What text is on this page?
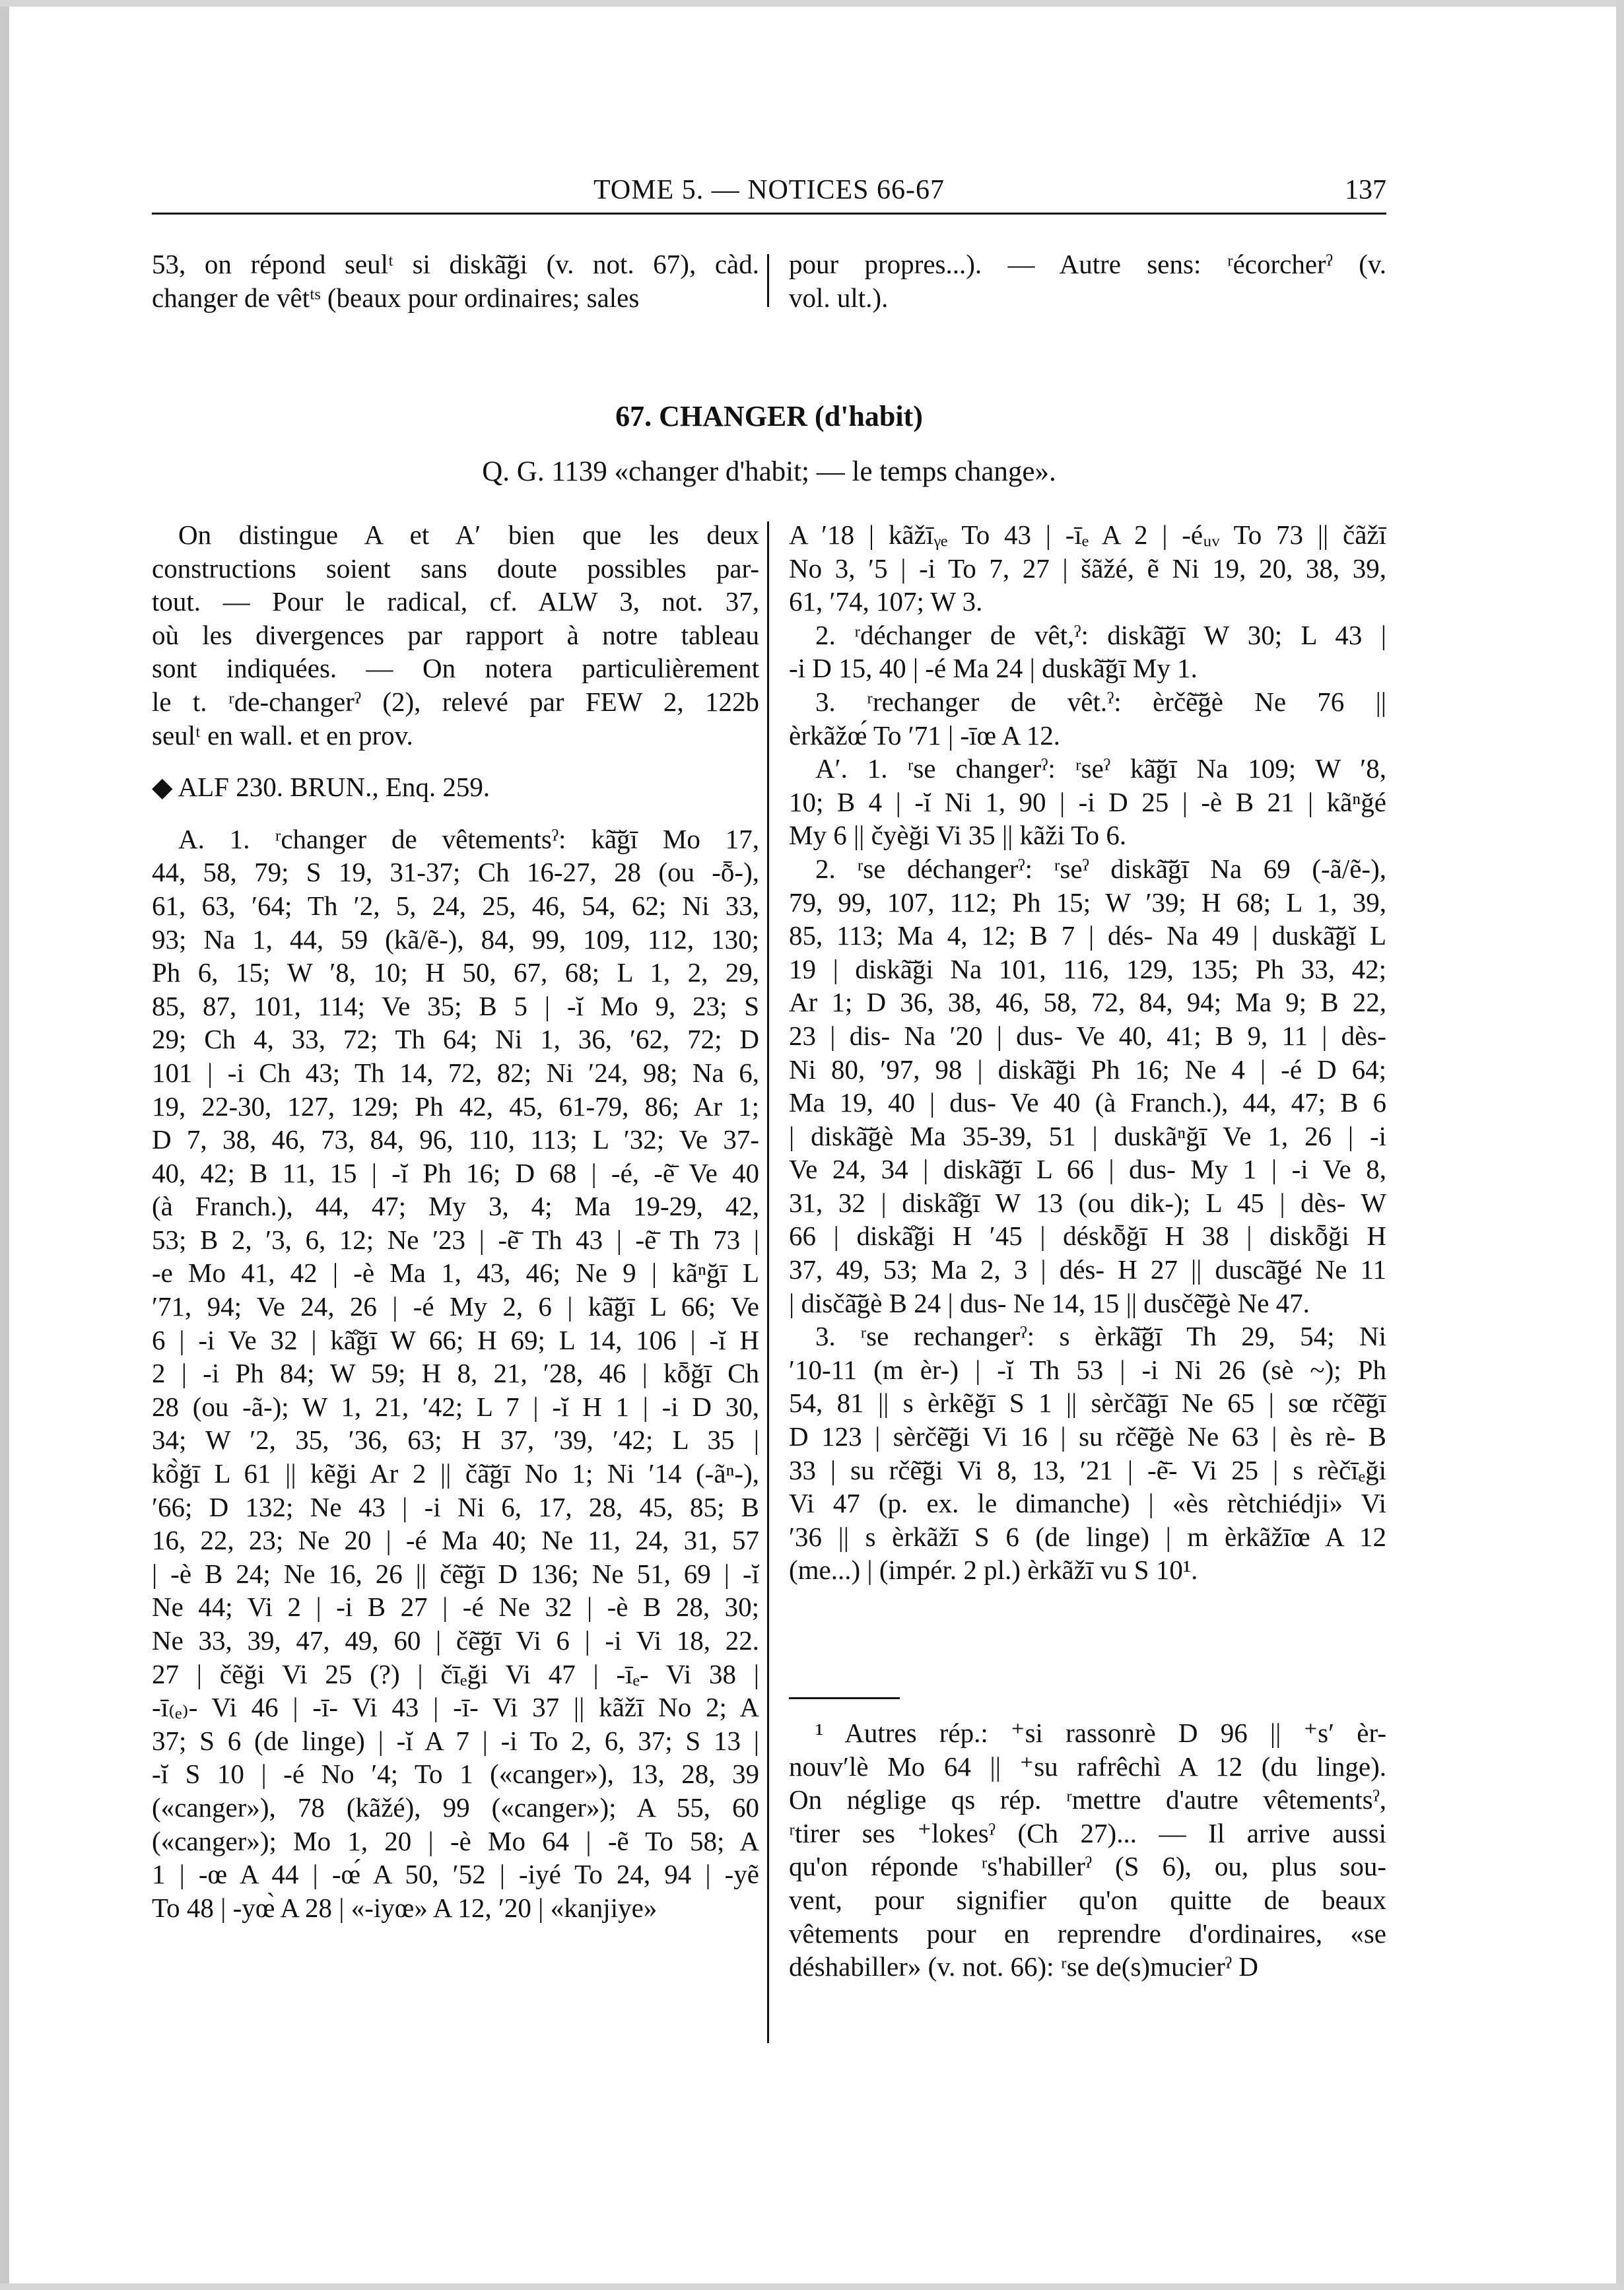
TOME 5. — NOTICES 66-67	137
53, on répond seulᵗ si diskã̄ği (v. not. 67), càd.
changer de vêtᵗˢ (beaux pour ordinaires; sales
pour propres...). — Autre sens: ʳécorcherˀ (v.
vol. ult.).
67. CHANGER (d'habit)
Q. G. 1139 «changer d'habit; — le temps change».
On distingue A et A′ bien que les deux
constructions soient sans doute possibles par-
tout. — Pour le radical, cf. ALW 3, not. 37,
où les divergences par rapport à notre tableau
sont indiquées. — On notera particulièrement
le t. ʳde-changerˀ (2), relevé par FEW 2, 122b
seulᵗ en wall. et en prov.

◆ ALF 230. BRUN., Enq. 259.

A. 1. ʳchanger de vêtementsˀ: kã̄ğī Mo 17,
44, 58, 79; S 19, 31-37; Ch 16-27, 28 (ou -ȭ-),
61, 63, ′64; Th ′2, 5, 24, 25, 46, 54, 62; Ni 33,
93; Na 1, 44, 59 (kã/ẽ-), 84, 99, 109, 112, 130;
Ph 6, 15; W ′8, 10; H 50, 67, 68; L 1, 2, 29,
85, 87, 101, 114; Ve 35; B 5 | -ĭ Mo 9, 23; S
29; Ch 4, 33, 72; Th 64; Ni 1, 36, ′62, 72; D
101 | -i Ch 43; Th 14, 72, 82; Ni ′24, 98; Na 6,
19, 22-30, 127, 129; Ph 42, 45, 61-79, 86; Ar 1;
D 7, 38, 46, 73, 84, 96, 110, 113; L ′32; Ve 37-
40, 42; B 11, 15 | -ĭ Ph 16; D 68 | -é, -ẽ̄ Ve 40
(à Franch.), 44, 47; My 3, 4; Ma 19-29, 42,
53; B 2, ′3, 6, 12; Ne ′23 | -ẽ̄ Th 43 | -ẽ̄ Th 73 |
-e Mo 41, 42 | -è Ma 1, 43, 46; Ne 9 | kãⁿğī L
′71, 94; Ve 24, 26 | -é My 2, 6 | kã̄ğī L 66; Ve
6 | -i Ve 32 | kã̊ğī W 66; H 69; L 14, 106 | -ĭ H
2 | -i Ph 84; W 59; H 8, 21, ′28, 46 | kȭğī Ch
28 (ou -ã-); W 1, 21, ′42; L 7 | -ĭ H 1 | -i D 30,
34; W ′2, 35, ′36, 63; H 37, ′39, ′42; L 35 |
kõ̀ğī L 61 || kẽği Ar 2 || čã̄ğī No 1; Ni ′14 (-ãⁿ-),
′66; D 132; Ne 43 | -i Ni 6, 17, 28, 45, 85; B
16, 22, 23; Ne 20 | -é Ma 40; Ne 11, 24, 31, 57
| -è B 24; Ne 16, 26 || čẽ̄ğī D 136; Ne 51, 69 | -ĭ
Ne 44; Vi 2 | -i B 27 | -é Ne 32 | -è B 28, 30;
Ne 33, 39, 47, 49, 60 | čẽ̄ğī Vi 6 | -i Vi 18, 22.
27 | čẽği Vi 25 (?) | čīₑği Vi 47 | -īₑ- Vi 38 |
-ī₍ₑ₎- Vi 46 | -ī- Vi 43 | -ī- Vi 37 || kãžī No 2; A
37; S 6 (de linge) | -ĭ A 7 | -i To 2, 6, 37; S 13 |
-ĭ S 10 | -é No ′4; To 1 («canger»), 13, 28, 39
(«canger»), 78 (kãžé), 99 («canger»); A 55, 60
(«canger»); Mo 1, 20 | -è Mo 64 | -ẽ To 58; A
1 | -œ A 44 | -œ́ A 50, ′52 | -iyé To 24, 94 | -yẽ
To 48 | -yœ̀ A 28 | «-iyœ» A 12, ′20 | «kanjiye»
A ′18 | kãžīᵧₑ To 43 | -īₑ A 2 | -éᵤᵥ To 73 || čãžī
No 3, ′5 | -i To 7, 27 | šãžé, ẽ Ni 19, 20, 38, 39,
61, ′74, 107; W 3.
2. ʳdéchanger de vêt,ˀ: diskã̄ğī W 30; L 43 |
-i D 15, 40 | -é Ma 24 | duskã̄ğī My 1.
3. ʳrechanger de vêt.ˀ: èrčẽ̄ğè Ne 76 ||
èrkãžœ́ To ′71 | -īœ A 12.
A′. 1. ʳse changerˀ: ʳseˀ kã̄ğī Na 109; W ′8,
10; B 4 | -ĭ Ni 1, 90 | -i D 25 | -è B 21 | kãⁿğé
My 6 || čyèği Vi 35 || kãži To 6.
2. ʳse déchangerˀ: ʳseˀ diskã̄ğī Na 69 (-ã/ẽ-),
79, 99, 107, 112; Ph 15; W ′39; H 68; L 1, 39,
85, 113; Ma 4, 12; B 7 | dés- Na 49 | duskã̄ğĭ L
19 | diskã̄ği Na 101, 116, 129, 135; Ph 33, 42;
Ar 1; D 36, 38, 46, 58, 72, 84, 94; Ma 9; B 22,
23 | dis- Na ′20 | dus- Ve 40, 41; B 9, 11 | dès-
Ni 80, ′97, 98 | diskã̄ği Ph 16; Ne 4 | -é D 64;
Ma 19, 40 | dus- Ve 40 (à Franch.), 44, 47; B 6
| diskã̄ğè Ma 35-39, 51 | duskãⁿğī Ve 1, 26 | -i
Ve 24, 34 | diskã̄ğī L 66 | dus- My 1 | -i Ve 8,
31, 32 | diskã̊ğī W 13 (ou dik-); L 45 | dès- W
66 | diskã̊ği H ′45 | déskȭğī H 38 | diskȭği H
37, 49, 53; Ma 2, 3 | dés- H 27 || duscã̄ğé Ne 11
| disčã̄ğè B 24 | dus- Ne 14, 15 || dusčẽ̄ğè Ne 47.
3. ʳse rechangerˀ: s èrkã̄ğī Th 29, 54; Ni
′10-11 (m èr-) | -ĭ Th 53 | -i Ni 26 (sè ~); Ph
54, 81 || s èrkẽğī S 1 || sèrčã̄ğī Ne 65 | sœ rčẽ̄ğī
D 123 | sèrčẽ̄ği Vi 16 | su rčẽ̄ğè Ne 63 | ès rè- B
33 | su rčẽ̄ği Vi 8, 13, ′21 | -ẽ̄- Vi 25 | s rèčīₑği
Vi 47 (p. ex. le dimanche) | «ès rètchiédji» Vi
′36 || s èrkãžī S 6 (de linge) | m èrkãžīœ A 12
(me...) | (impér. 2 pl.) èrkãžī vu S 10¹.
¹ Autres rép.: ⁺si rassonrè D 96 || ⁺s′ èr-
nouv′lè Mo 64 || ⁺su rafrêchì A 12 (du linge).
On néglige qs rép. ʳmettre d'autre vêtementsˀ,
ʳtirer ses ⁺lokesˀ (Ch 27)... — Il arrive aussi
qu'on réponde ʳs'habillerˀ (S 6), ou, plus sou-
vent, pour signifier qu'on quitte de beaux
vêtements pour en reprendre d'ordinaires, «se
déshabiller» (v. not. 66): ʳse de(s)mucierˀ D
